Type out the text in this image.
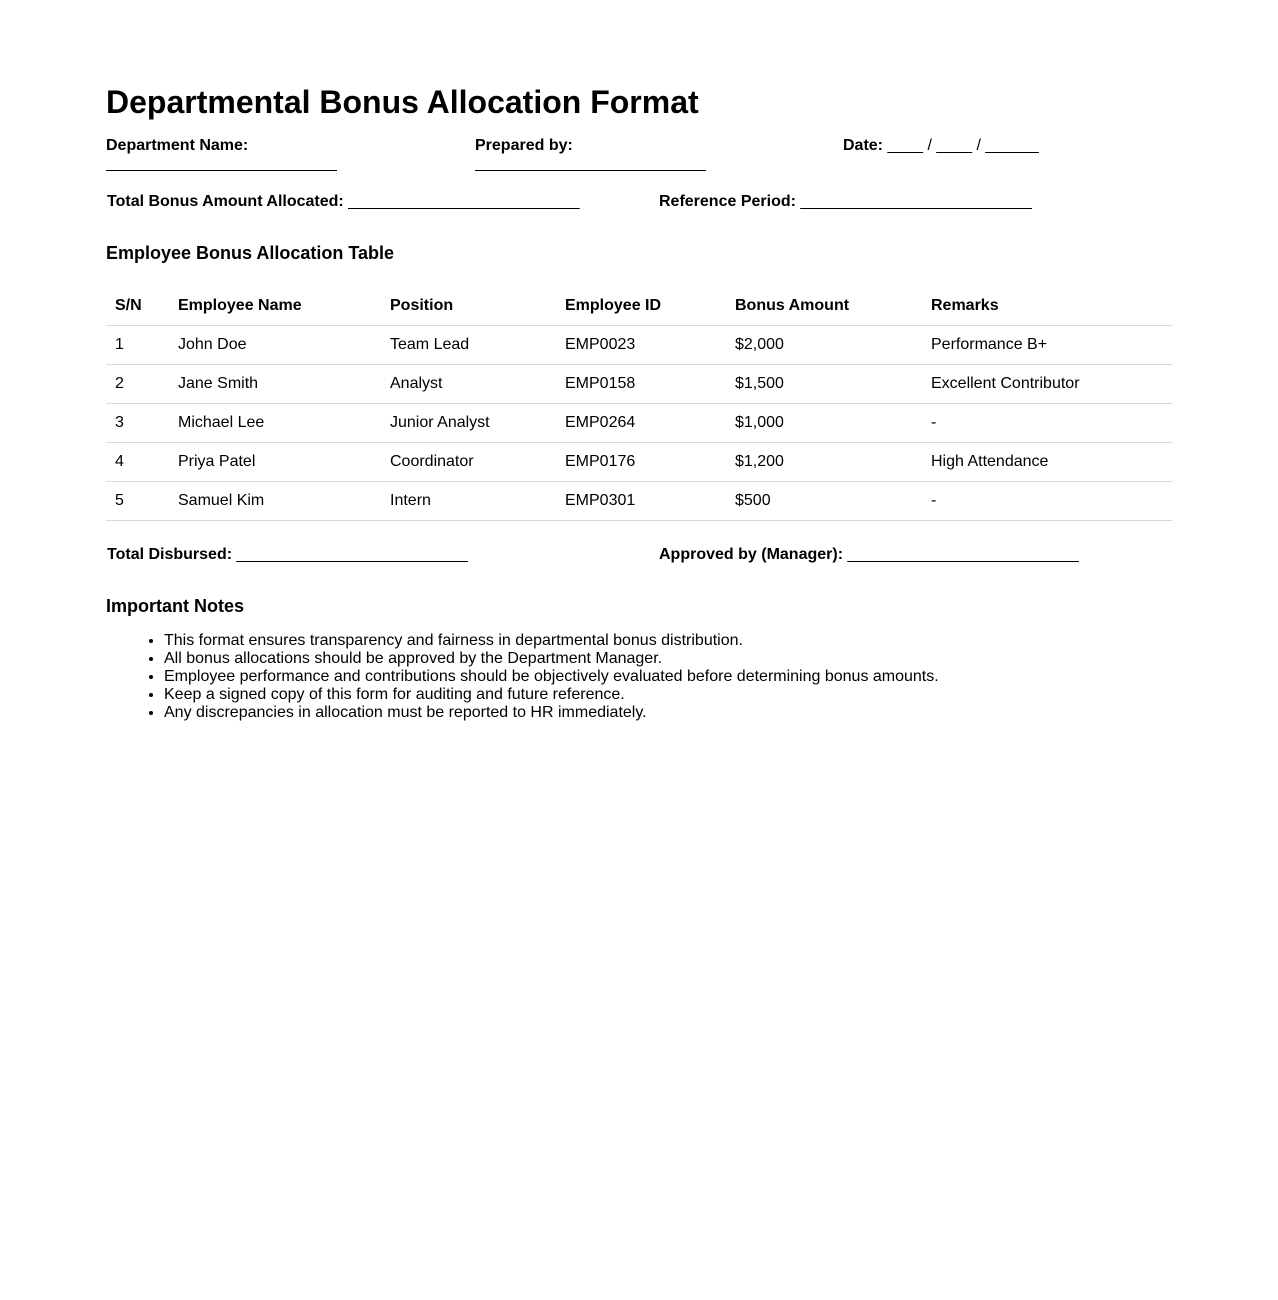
Departmental Bonus Allocation Format
Department Name:	Prepared by:	Date: ____ / ____ / ______
Total Bonus Amount Allocated: __________________________	Reference Period: __________________________
Employee Bonus Allocation Table
S/N	Employee Name	Position	Employee ID	Bonus Amount	Remarks
1	John Doe	Team Lead	EMP0023	$2,000	Performance B+
2	Jane Smith	Analyst	EMP0158	$1,500	Excellent Contributor
3	Michael Lee	Junior Analyst	EMP0264	$1,000	-
4	Priya Patel	Coordinator	EMP0176	$1,200	High Attendance
5	Samuel Kim	Intern	EMP0301	$500	-
Total Disbursed: __________________________	Approved by (Manager): __________________________
Important Notes
• This format ensures transparency and fairness in departmental bonus distribution.
• All bonus allocations should be approved by the Department Manager.
• Employee performance and contributions should be objectively evaluated before determining bonus amounts.
• Keep a signed copy of this form for auditing and future reference.
• Any discrepancies in allocation must be reported to HR immediately.
